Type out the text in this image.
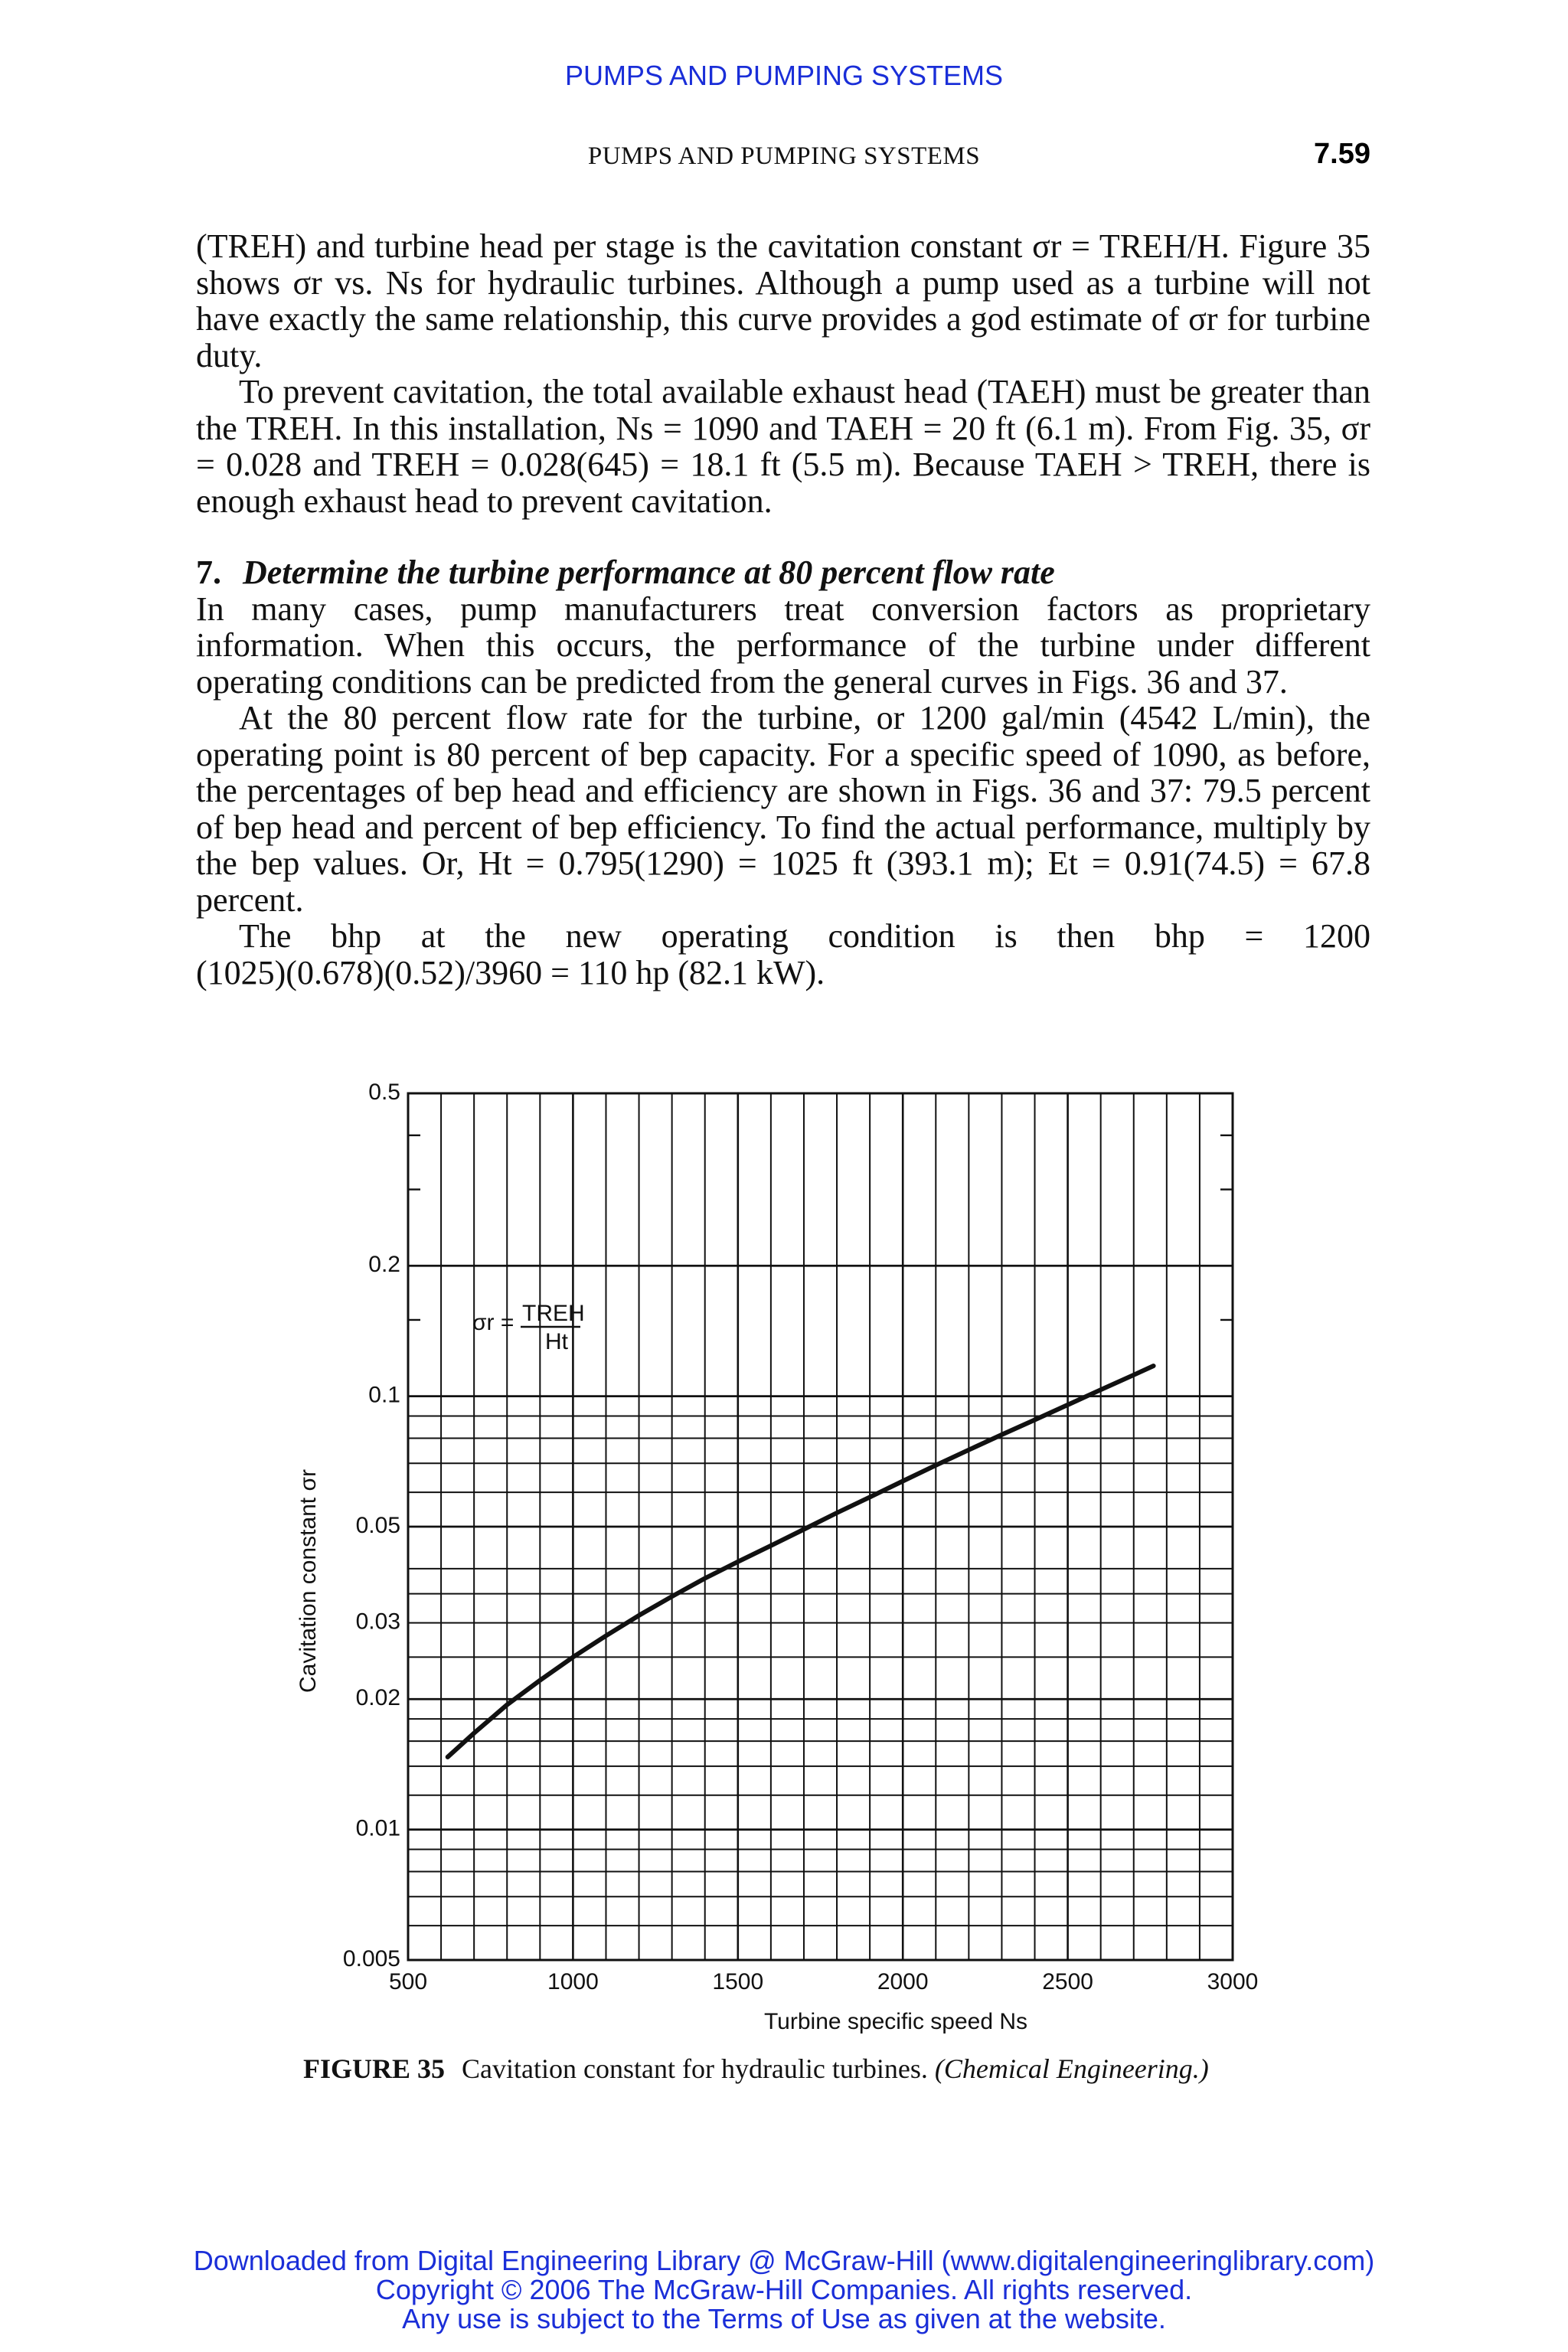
PUMPS AND PUMPING SYSTEMS
PUMPS AND PUMPING SYSTEMS	7.59

(TREH) and turbine head per stage is the cavitation constant σr = TREH/H. Figure 35 shows σr vs. Ns for hydraulic turbines. Although a pump used as a turbine will not have exactly the same relationship, this curve provides a god estimate of σr for turbine duty.

To prevent cavitation, the total available exhaust head (TAEH) must be greater than the TREH. In this installation, Ns = 1090 and TAEH = 20 ft (6.1 m). From Fig. 35, σr = 0.028 and TREH = 0.028(645) = 18.1 ft (5.5 m). Because TAEH > TREH, there is enough exhaust head to prevent cavitation.

7. Determine the turbine performance at 80 percent flow rate

In many cases, pump manufacturers treat conversion factors as proprietary information. When this occurs, the performance of the turbine under different operating conditions can be predicted from the general curves in Figs. 36 and 37.

At the 80 percent flow rate for the turbine, or 1200 gal/min (4542 L/min), the operating point is 80 percent of bep capacity. For a specific speed of 1090, as before, the percentages of bep head and efficiency are shown in Figs. 36 and 37: 79.5 percent of bep head and percent of bep efficiency. To find the actual performance, multiply by the bep values. Or, Ht = 0.795(1290) = 1025 ft (393.1 m); Et = 0.91(74.5) = 67.8 percent.

The bhp at the new operating condition is then bhp = 1200

(1025)(0.678)(0.52)/3960 = 110 hp (82.1 kW).

500	1000	1500	2000	2500	3000
0.5
0.2
0.1
0.05
0.03
0.02
0.01
0.005
σr = TREH
Ht
Turbine specific speed Ns
Cavitation constant σr
FIGURE 35 Cavitation constant for hydraulic turbines. (Chemical Engineering.)
Downloaded from Digital Engineering Library @ McGraw-Hill (www.digitalengineeringlibrary.com)
Copyright © 2006 The McGraw-Hill Companies. All rights reserved.
Any use is subject to the Terms of Use as given at the website.
